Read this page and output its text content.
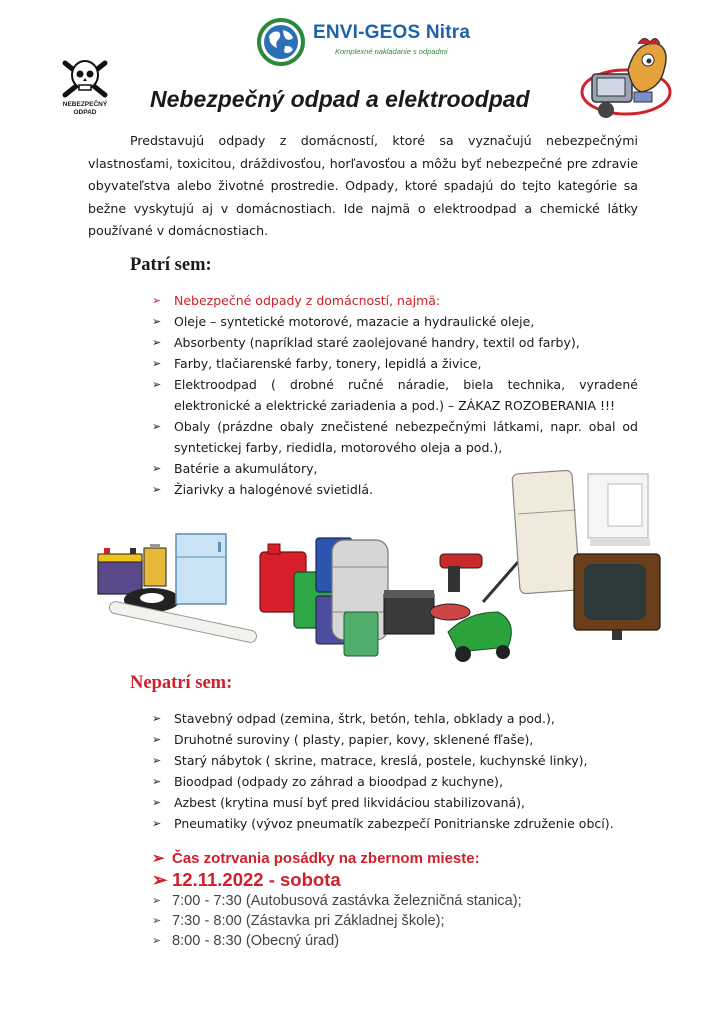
ENVI-GEOS Nitra
Komplexné nakladanie s odpadmi
NEBEZPEČNÝ
ODPAD
Nebezpečný odpad a elektroodpad
Predstavujú odpady z domácností, ktoré sa vyznačujú nebezpečnými vlastnosťami, toxicitou, dráždivosťou, horľavosťou a môžu byť nebezpečné pre zdravie obyvateľstva alebo životné prostredie. Odpady, ktoré spadajú do tejto kategórie sa bežne vyskytujú aj v domácnostiach. Ide najmä o elektroodpad a chemické látky používané v domácnostiach.
Patrí sem:
➢ Nebezpečné odpady z domácností, najmä:
➢ Oleje – syntetické motorové, mazacie a hydraulické oleje,
➢ Absorbenty (napríklad staré zaolejované handry, textil od farby),
➢ Farby, tlačiarenské farby, tonery, lepidlá a živice,
➢ Elektroodpad ( drobné ručné náradie, biela technika, vyradené elektronické a elektrické zariadenia a pod.) – ZÁKAZ ROZOBERANIA !!!
➢ Obaly (prázdne obaly znečistené nebezpečnými látkami, napr. obal od syntetickej farby, riedidla, motorového oleja a pod.),
➢ Batérie a akumulátory,
➢ Žiarivky a halogénové svietidlá.
Nepatrí sem:
➢ Stavebný odpad (zemina, štrk, betón, tehla, obklady a pod.),
➢ Druhotné suroviny ( plasty, papier, kovy, sklenené fľaše),
➢ Starý nábytok ( skrine, matrace, kreslá, postele, kuchynské linky),
➢ Bioodpad (odpady zo záhrad a bioodpad z kuchyne),
➢ Azbest (krytina musí byť pred likvidáciou stabilizovaná),
➢ Pneumatiky (vývoz pneumatík zabezpečí Ponitrianske združenie obcí).
➢ Čas zotrvania posádky na zbernom mieste:
➢ 12.11.2022 - sobota
➢ 7:00 - 7:30 (Autobusová zastávka železničná stanica);
➢ 7:30 - 8:00 (Zástavka pri Základnej škole);
➢ 8:00 - 8:30 (Obecný úrad)
